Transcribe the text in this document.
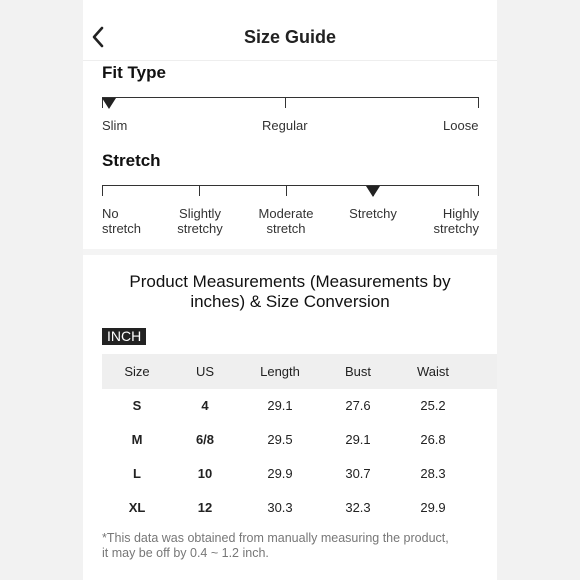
Size Guide
Fit Type
Slim	Regular	Loose
Stretch
No
stretch
Slightly
stretchy
Moderate
stretch
Stretchy	Highly
stretchy
Product Measurements (Measurements by inches) & Size Conversion
INCH
Size	US	Length	Bust	Waist
S	4	29.1	27.6	25.2
M	6/8	29.5	29.1	26.8
L	10	29.9	30.7	28.3
XL	12	30.3	32.3	29.9
*This data was obtained from manually measuring the product,
it may be off by 0.4 ~ 1.2 inch.
